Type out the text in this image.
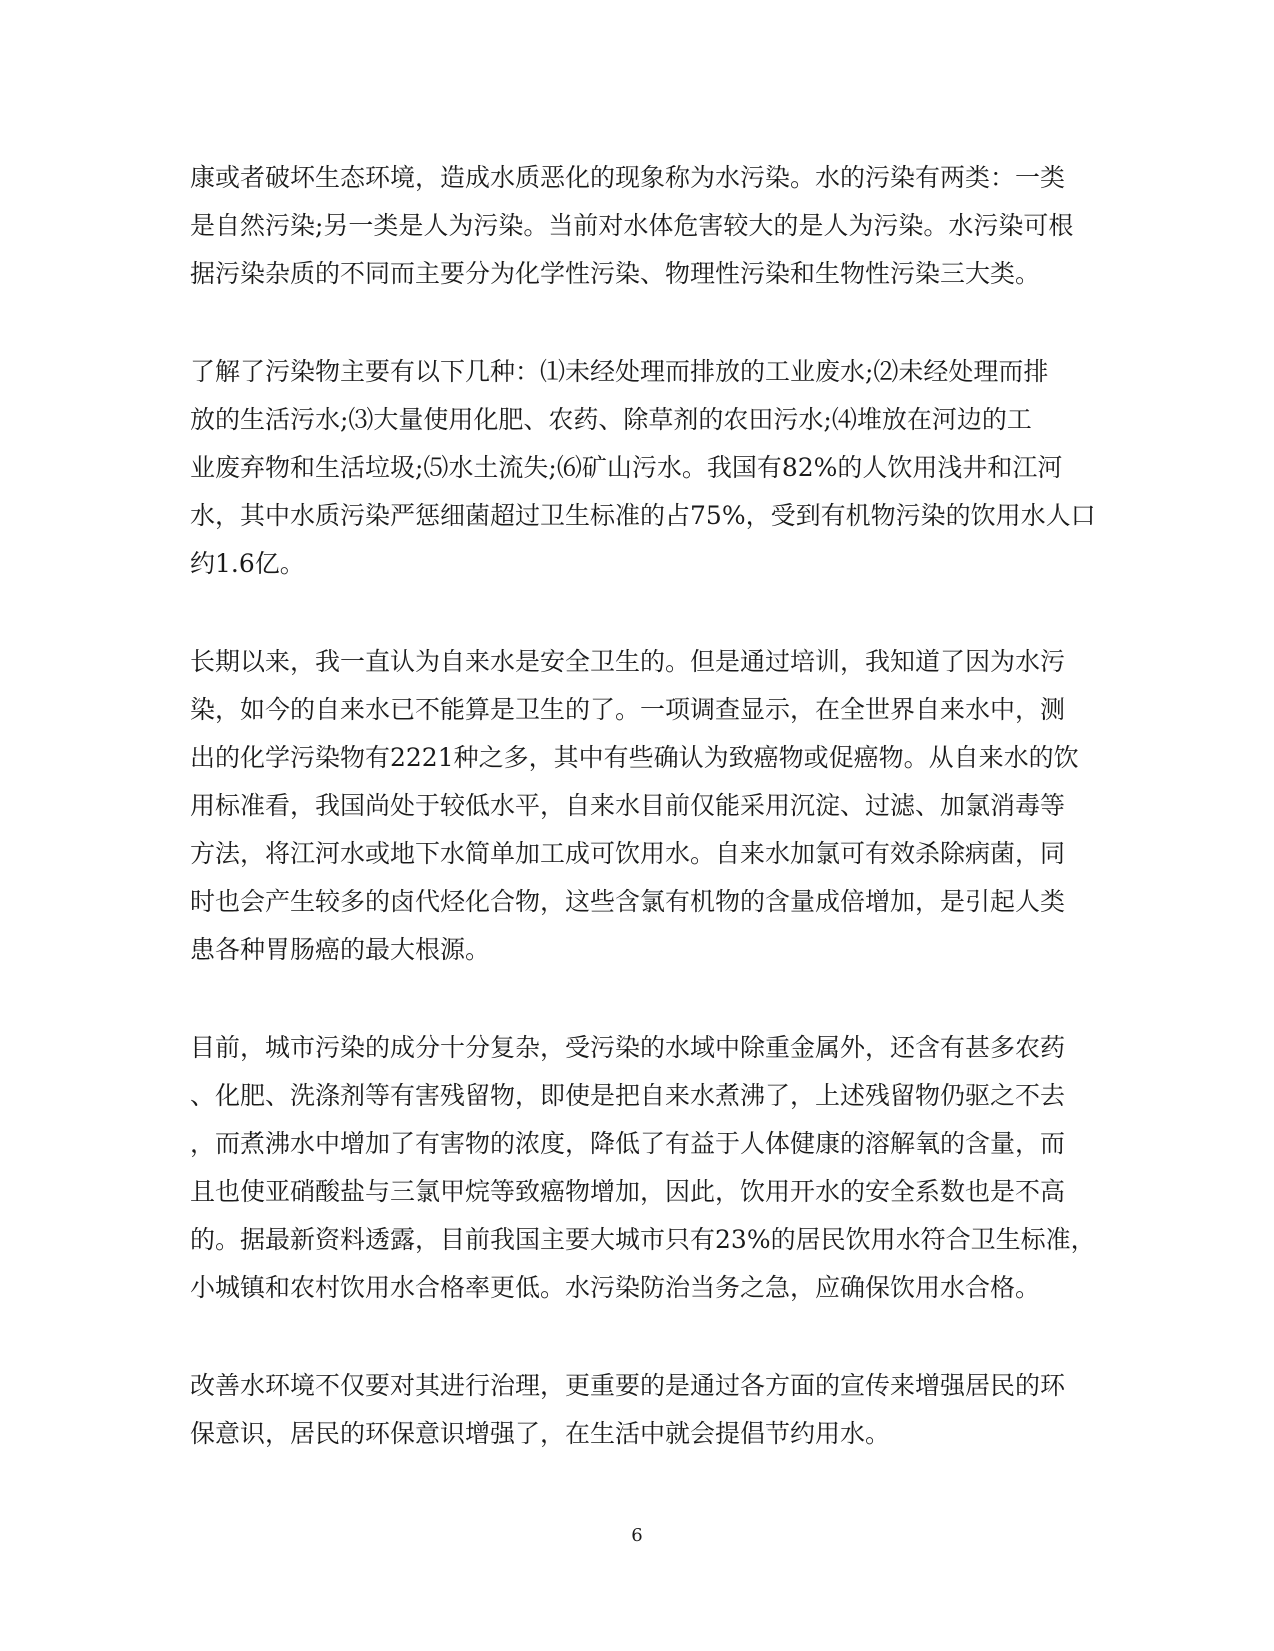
康或者破坏生态环境，造成水质恶化的现象称为水污染。水的污染有两类：一类
是自然污染;另一类是人为污染。当前对水体危害较大的是人为污染。水污染可根
据污染杂质的不同而主要分为化学性污染、物理性污染和生物性污染三大类。

了解了污染物主要有以下几种：⑴未经处理而排放的工业废水;⑵未经处理而排
放的生活污水;⑶大量使用化肥、农药、除草剂的农田污水;⑷堆放在河边的工
业废弃物和生活垃圾;⑸水土流失;⑹矿山污水。我国有82%的人饮用浅井和江河
水，其中水质污染严惩细菌超过卫生标准的占75%，受到有机物污染的饮用水人口
约1.6亿。

长期以来，我一直认为自来水是安全卫生的。但是通过培训，我知道了因为水污
染，如今的自来水已不能算是卫生的了。一项调查显示，在全世界自来水中，测
出的化学污染物有2221种之多，其中有些确认为致癌物或促癌物。从自来水的饮
用标准看，我国尚处于较低水平，自来水目前仅能采用沉淀、过滤、加氯消毒等
方法，将江河水或地下水简单加工成可饮用水。自来水加氯可有效杀除病菌，同
时也会产生较多的卤代烃化合物，这些含氯有机物的含量成倍增加，是引起人类
患各种胃肠癌的最大根源。

目前，城市污染的成分十分复杂，受污染的水域中除重金属外，还含有甚多农药
、化肥、洗涤剂等有害残留物，即使是把自来水煮沸了，上述残留物仍驱之不去
，而煮沸水中增加了有害物的浓度，降低了有益于人体健康的溶解氧的含量，而
且也使亚硝酸盐与三氯甲烷等致癌物增加，因此，饮用开水的安全系数也是不高
的。据最新资料透露，目前我国主要大城市只有23%的居民饮用水符合卫生标准，
小城镇和农村饮用水合格率更低。水污染防治当务之急，应确保饮用水合格。

改善水环境不仅要对其进行治理，更重要的是通过各方面的宣传来增强居民的环
保意识，居民的环保意识增强了，在生活中就会提倡节约用水。

6
